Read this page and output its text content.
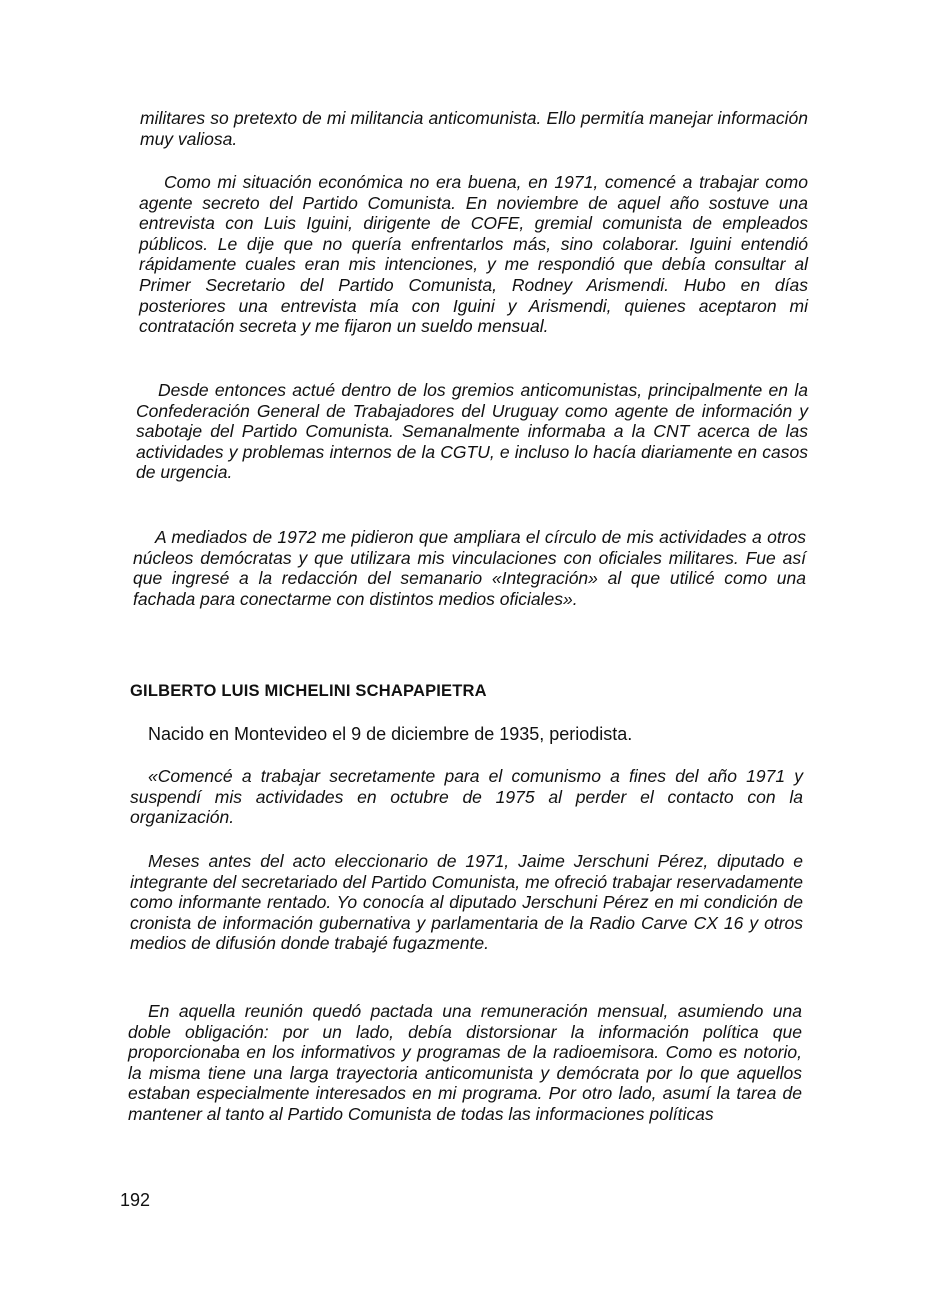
militares so pretexto de mi militancia anticomunista. Ello permitía manejar información muy valiosa.

Como mi situación económica no era buena, en 1971, comencé a trabajar como agente secreto del Partido Comunista. En noviembre de aquel año sostuve una entrevista con Luis Iguini, dirigente de COFE, gremial comunista de empleados públicos. Le dije que no quería enfrentarlos más, sino colaborar. Iguini entendió rápidamente cuales eran mis intenciones, y me respondió que debía consultar al Primer Secretario del Partido Comunista, Rodney Arismendi. Hubo en días posteriores una entrevista mía con Iguini y Arismendi, quienes aceptaron mi contratación secreta y me fijaron un sueldo mensual.

Desde entonces actué dentro de los gremios anticomunistas, principalmente en la Confederación General de Trabajadores del Uruguay como agente de información y sabotaje del Partido Comunista. Semanalmente informaba a la CNT acerca de las actividades y problemas internos de la CGTU, e incluso lo hacía diariamente en casos de urgencia.

A mediados de 1972 me pidieron que ampliara el círculo de mis actividades a otros núcleos demócratas y que utilizara mis vinculaciones con oficiales militares. Fue así que ingresé a la redacción del semanario «Integración» al que utilicé como una fachada para conectarme con distintos medios oficiales».

GILBERTO LUIS MICHELINI SCHAPAPIETRA

Nacido en Montevideo el 9 de diciembre de 1935, periodista.

«Comencé a trabajar secretamente para el comunismo a fines del año 1971 y suspendí mis actividades en octubre de 1975 al perder el contacto con la organización.

Meses antes del acto eleccionario de 1971, Jaime Jerschuni Pérez, diputado e integrante del secretariado del Partido Comunista, me ofreció trabajar reservadamente como informante rentado. Yo conocía al diputado Jerschuni Pérez en mi condición de cronista de información gubernativa y parlamentaria de la Radio Carve CX 16 y otros medios de difusión donde trabajé fugazmente.

En aquella reunión quedó pactada una remuneración mensual, asumiendo una doble obligación: por un lado, debía distorsionar la información política que proporcionaba en los informativos y programas de la radioemisora. Como es notorio, la misma tiene una larga trayectoria anticomunista y demócrata por lo que aquellos estaban especialmente interesados en mi programa. Por otro lado, asumí la tarea de mantener al tanto al Partido Comunista de todas las informaciones políticas

192
